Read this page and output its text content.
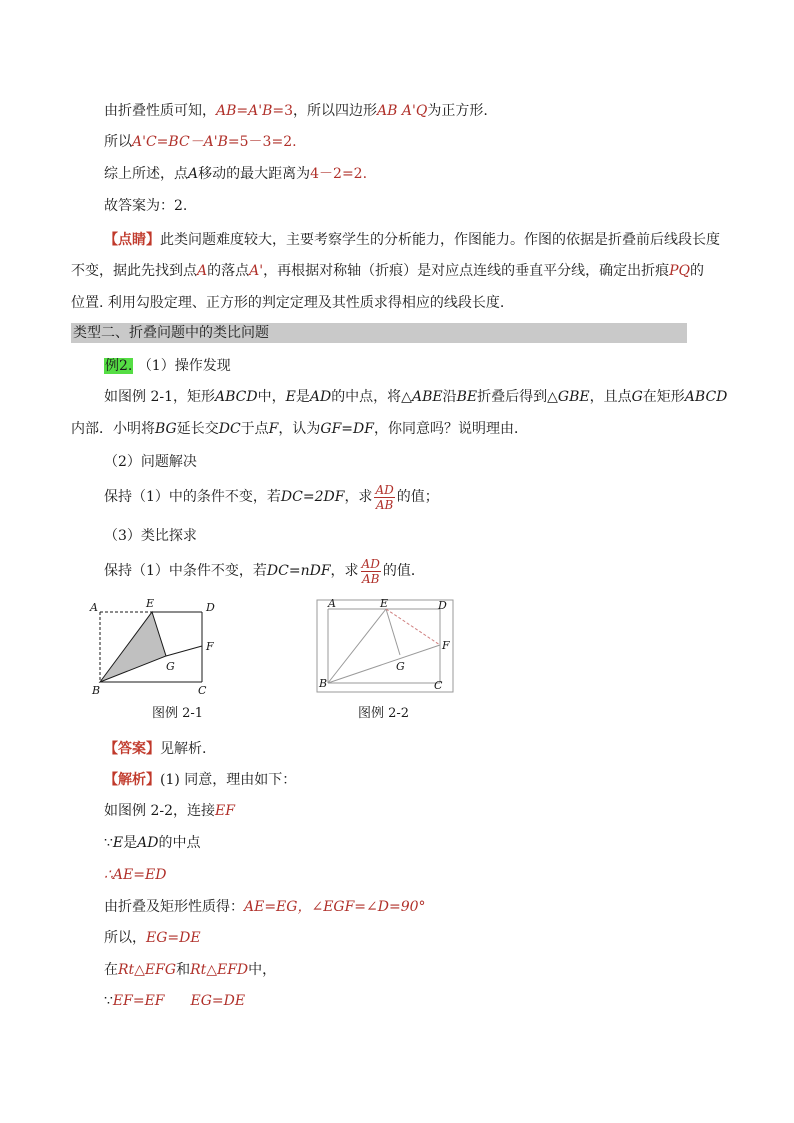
由折叠性质可知，AB=A'B=3，所以四边形AB A'Q为正方形.
所以A'C=BC－A'B=5－3=2.
综上所述，点A移动的最大距离为4－2=2.
故答案为：2.
【点睛】此类问题难度较大，主要考察学生的分析能力，作图能力。作图的依据是折叠前后线段长度
不变，据此先找到点A的落点A'，再根据对称轴（折痕）是对应点连线的垂直平分线，确定出折痕PQ的
位置. 利用勾股定理、正方形的判定定理及其性质求得相应的线段长度.
类型二、折叠问题中的类比问题
例2. （1）操作发现
如图例 2-1，矩形ABCD中，E是AD的中点，将△ABE沿BE折叠后得到△GBE，且点G在矩形ABCD
内部．小明将BG延长交DC于点F，认为GF=DF，你同意吗？说明理由．
（2）问题解决
保持（1）中的条件不变，若DC=2DF，求 $\frac{AD}{AB}$ 的值；
（3）类比探求
保持（1）中条件不变，若DC=nDF，求 $\frac{AD}{AB}$ 的值．
A	E	D
F
G
B	C
图例 2-1
A	E	D
F
G
B	C
图例 2-2
【答案】见解析.
【解析】(1) 同意，理由如下：
如图例 2-2，连接EF
∵E是AD的中点
∴AE=ED
由折叠及矩形性质得：AE=EG，∠EGF=∠D=90°
所以，EG=DE
在Rt△EFG和Rt△EFD中，
∵EF=EF EG=DE
